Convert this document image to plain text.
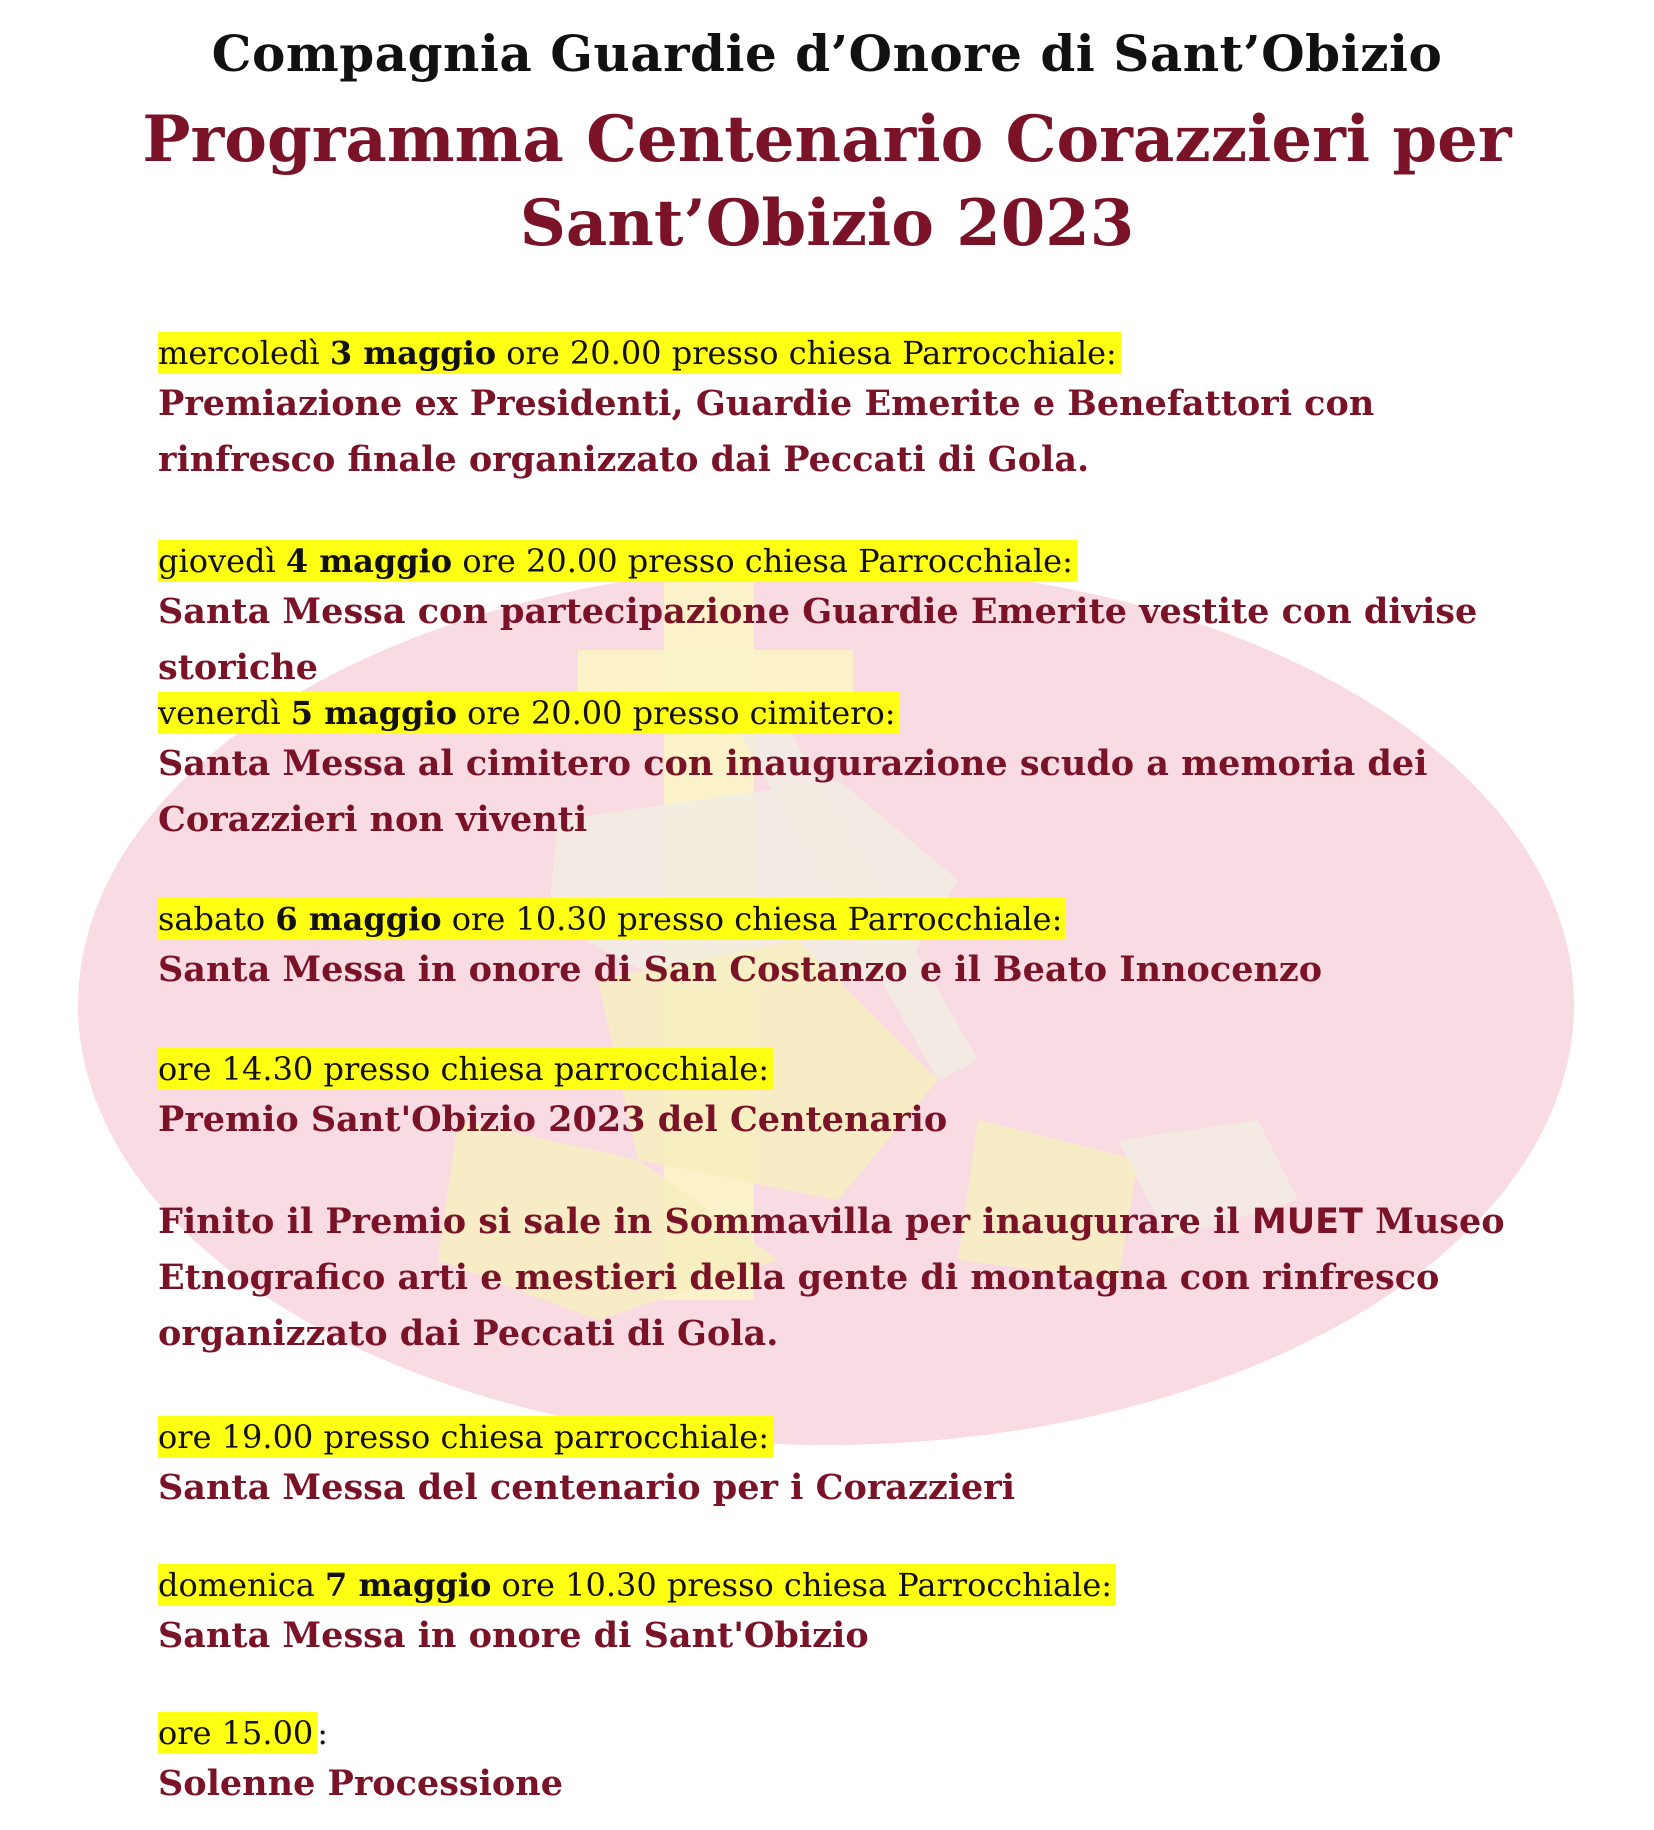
Compagnia Guardie d’Onore di Sant’Obizio
Programma Centenario Corazzieri per
Sant’Obizio 2023
mercoledì 3 maggio ore 20.00 presso chiesa Parrocchiale:
Premiazione ex Presidenti, Guardie Emerite e Benefattori con rinfresco finale organizzato dai Peccati di Gola.
giovedì 4 maggio ore 20.00 presso chiesa Parrocchiale:
Santa Messa con partecipazione Guardie Emerite vestite con divise storiche
venerdì 5 maggio ore 20.00 presso cimitero:
Santa Messa al cimitero con inaugurazione scudo a memoria dei Corazzieri non viventi
sabato 6 maggio ore 10.30 presso chiesa Parrocchiale:
Santa Messa in onore di San Costanzo e il Beato Innocenzo
ore 14.30 presso chiesa parrocchiale:
Premio Sant'Obizio 2023 del Centenario
Finito il Premio si sale in Sommavilla per inaugurare il MUET Museo Etnografico arti e mestieri della gente di montagna con rinfresco organizzato dai Peccati di Gola.
ore 19.00 presso chiesa parrocchiale:
Santa Messa del centenario per i Corazzieri
domenica 7 maggio ore 10.30 presso chiesa Parrocchiale:
Santa Messa in onore di Sant'Obizio
ore 15.00 :
Solenne Processione
